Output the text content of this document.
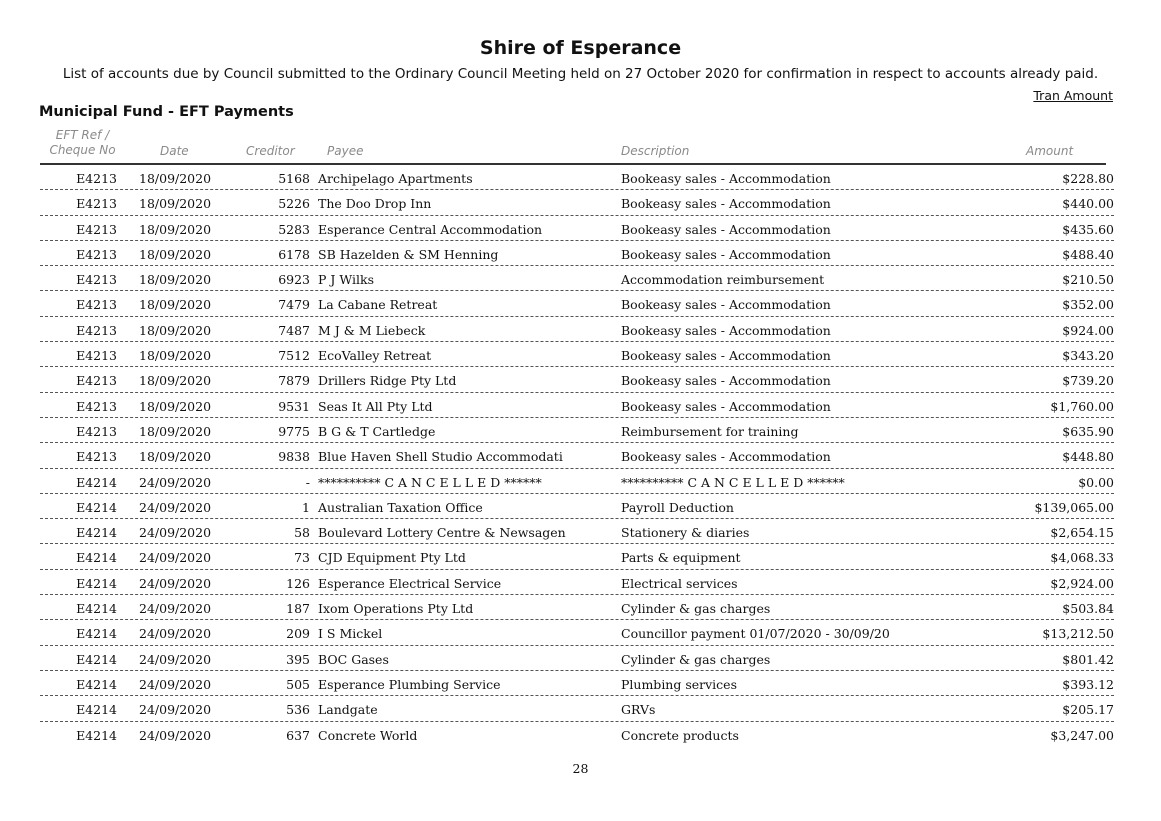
Shire of Esperance
List of accounts due by Council submitted to the Ordinary Council Meeting held on 27 October 2020 for confirmation in respect to accounts already paid.
Tran Amount
Municipal Fund - EFT Payments
EFT Ref /
Cheque No	Date	Creditor	Payee	Description	Amount
E4213 18/09/2020	5168 Archipelago Apartments	Bookeasy sales - Accommodation	$228.80
E4213 18/09/2020	5226 The Doo Drop Inn	Bookeasy sales - Accommodation	$440.00
E4213 18/09/2020	5283 Esperance Central Accommodation	Bookeasy sales - Accommodation	$435.60
E4213 18/09/2020	6178 SB Hazelden & SM Henning	Bookeasy sales - Accommodation	$488.40
E4213 18/09/2020	6923 P J Wilks	Accommodation reimbursement	$210.50
E4213 18/09/2020	7479 La Cabane Retreat	Bookeasy sales - Accommodation	$352.00
E4213 18/09/2020	7487 M J & M Liebeck	Bookeasy sales - Accommodation	$924.00
E4213 18/09/2020	7512 EcoValley Retreat	Bookeasy sales - Accommodation	$343.20
E4213 18/09/2020	7879 Drillers Ridge Pty Ltd	Bookeasy sales - Accommodation	$739.20
E4213 18/09/2020	9531 Seas It All Pty Ltd	Bookeasy sales - Accommodation	$1,760.00
E4213 18/09/2020	9775 B G & T Cartledge	Reimbursement for training	$635.90
E4213 18/09/2020	9838 Blue Haven Shell Studio Accommodati	Bookeasy sales - Accommodation	$448.80
E4214 24/09/2020	- ********** C A N C E L L E D ******	********** C A N C E L L E D ******	$0.00
E4214 24/09/2020	1 Australian Taxation Office	Payroll Deduction	$139,065.00
E4214 24/09/2020	58 Boulevard Lottery Centre & Newsagen	Stationery & diaries	$2,654.15
E4214 24/09/2020	73 CJD Equipment Pty Ltd	Parts & equipment	$4,068.33
E4214 24/09/2020	126 Esperance Electrical Service	Electrical services	$2,924.00
E4214 24/09/2020	187 Ixom Operations Pty Ltd	Cylinder & gas charges	$503.84
E4214 24/09/2020	209 I S Mickel	Councillor payment 01/07/2020 - 30/09/20	$13,212.50
E4214 24/09/2020	395 BOC Gases	Cylinder & gas charges	$801.42
E4214 24/09/2020	505 Esperance Plumbing Service	Plumbing services	$393.12
E4214 24/09/2020	536 Landgate	GRVs	$205.17
E4214 24/09/2020	637 Concrete World	Concrete products	$3,247.00
28
